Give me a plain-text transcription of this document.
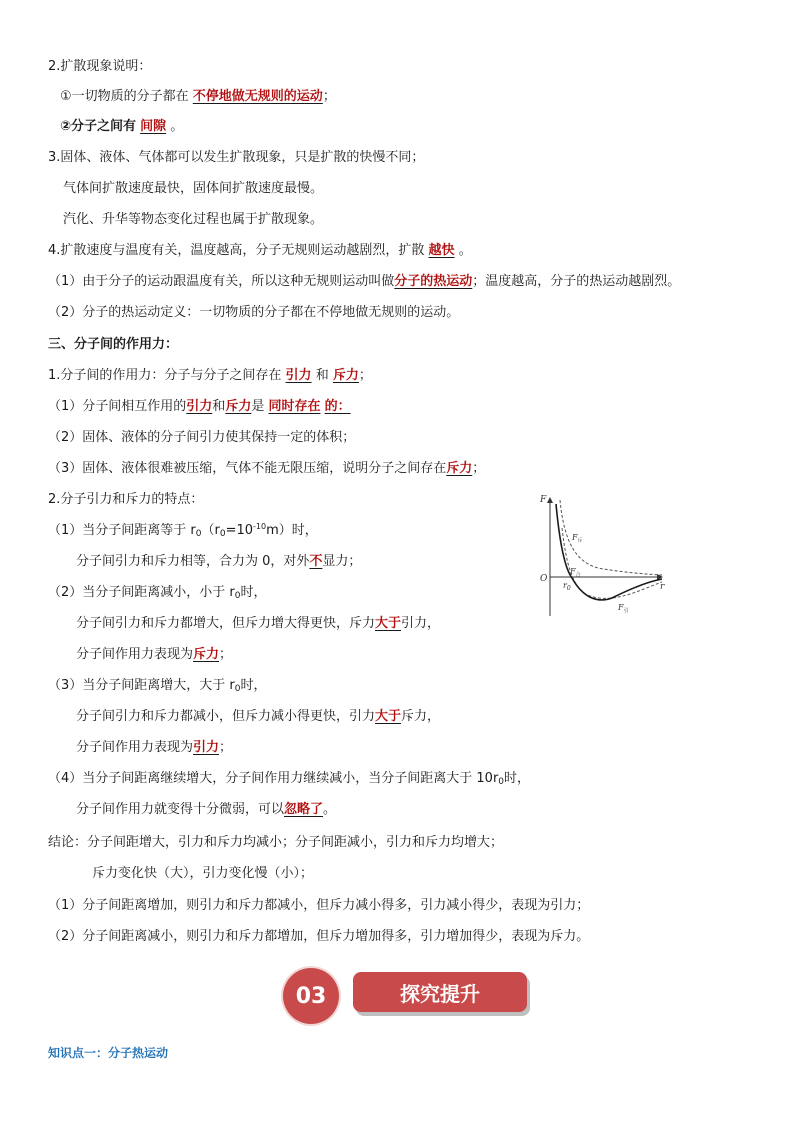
2.扩散现象说明：
①一切物质的分子都在 不停地做无规则的运动；
②分子之间有 间隙 。
3.固体、液体、气体都可以发生扩散现象，只是扩散的快慢不同；
气体间扩散速度最快，固体间扩散速度最慢。
汽化、升华等物态变化过程也属于扩散现象。
4.扩散速度与温度有关，温度越高，分子无规则运动越剧烈，扩散 越快 。
（1）由于分子的运动跟温度有关，所以这种无规则运动叫做分子的热运动；温度越高，分子的热运动越剧烈。
（2）分子的热运动定义：一切物质的分子都在不停地做无规则的运动。
三、分子间的作用力：
1.分子间的作用力：分子与分子之间存在 引力 和 斥力；
（1）分子间相互作用的引力和斥力是 同时存在 的：
（2）固体、液体的分子间引力使其保持一定的体积；
（3）固体、液体很难被压缩，气体不能无限压缩，说明分子之间存在斥力；
2.分子引力和斥力的特点：
（1）当分子间距离等于 $r_0(r_0=10^{-10}m)$时，
分子间引力和斥力相等，合力为 0，对外不显力；
（2）当分子间距离减小，小于 $r_0$时，
分子间引力和斥力都增大，但斥力增大得更快，斥力大于引力，
分子间作用力表现为斥力；
（3）当分子间距离增大，大于 $r_0$时，
分子间引力和斥力都减小，但斥力减小得更快，引力大于斥力，
分子间作用力表现为引力；
（4）当分子间距离继续增大，分子间作用力继续减小，当分子间距离大于 $10r_0$时，
分子间作用力就变得十分微弱，可以忽略了。
结论：分子间距增大，引力和斥力均减小；分子间距减小，引力和斥力均增大；
斥力变化快（大），引力变化慢（小）；
（1）分子间距离增加，则引力和斥力都减小，但斥力减小得多，引力减小得少，表现为引力；
（2）分子间距离减小，则引力和斥力都增加，但斥力增加得多，引力增加得少，表现为斥力。
F
r
O
$r_0$
$F_斥$
$F_合$
$F_引$
03	探究提升
知识点一：分子热运动
